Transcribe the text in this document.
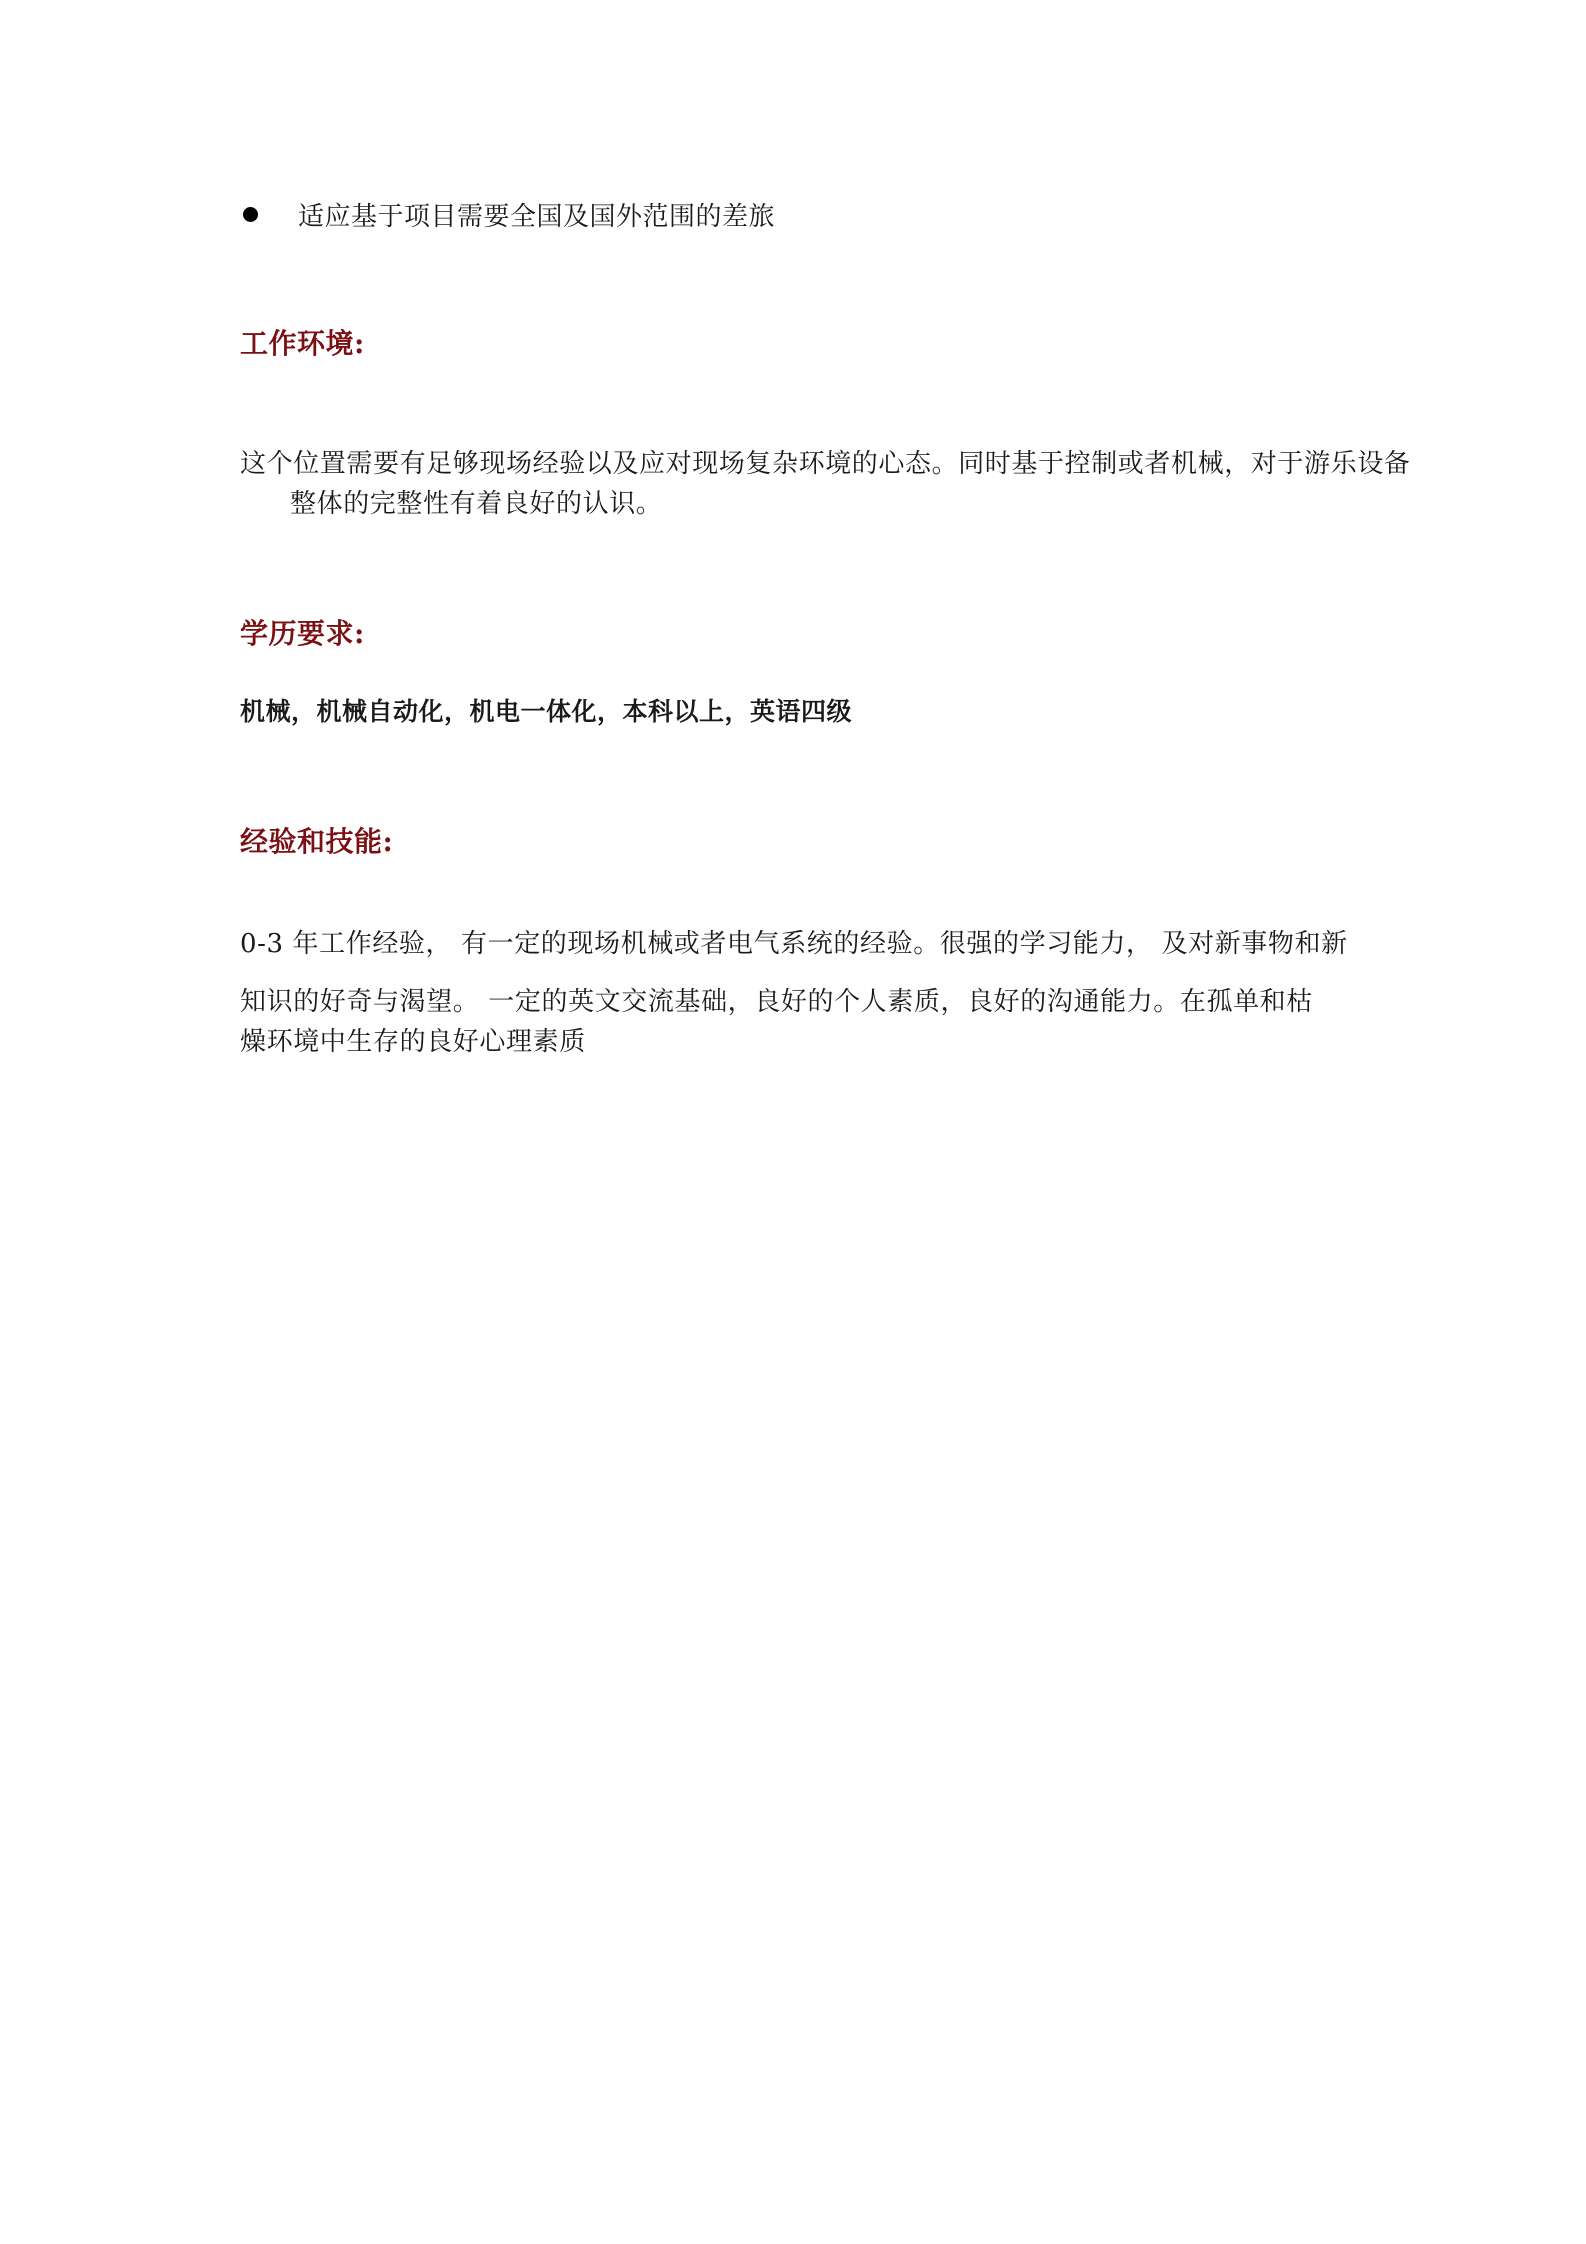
适应基于项目需要全国及国外范围的差旅
工作环境:
这个位置需要有足够现场经验以及应对现场复杂环境的心态。同时基于控制或者机械，对于游乐设备整体的完整性有着良好的认识。
学历要求:
机械，机械自动化，机电一体化，本科以上，英语四级
经验和技能:
0-3 年工作经验， 有一定的现场机械或者电气系统的经验。很强的学习能力， 及对新事物和新
知识的好奇与渴望。 一定的英文交流基础，良好的个人素质，良好的沟通能力。在孤单和枯
燥环境中生存的良好心理素质
